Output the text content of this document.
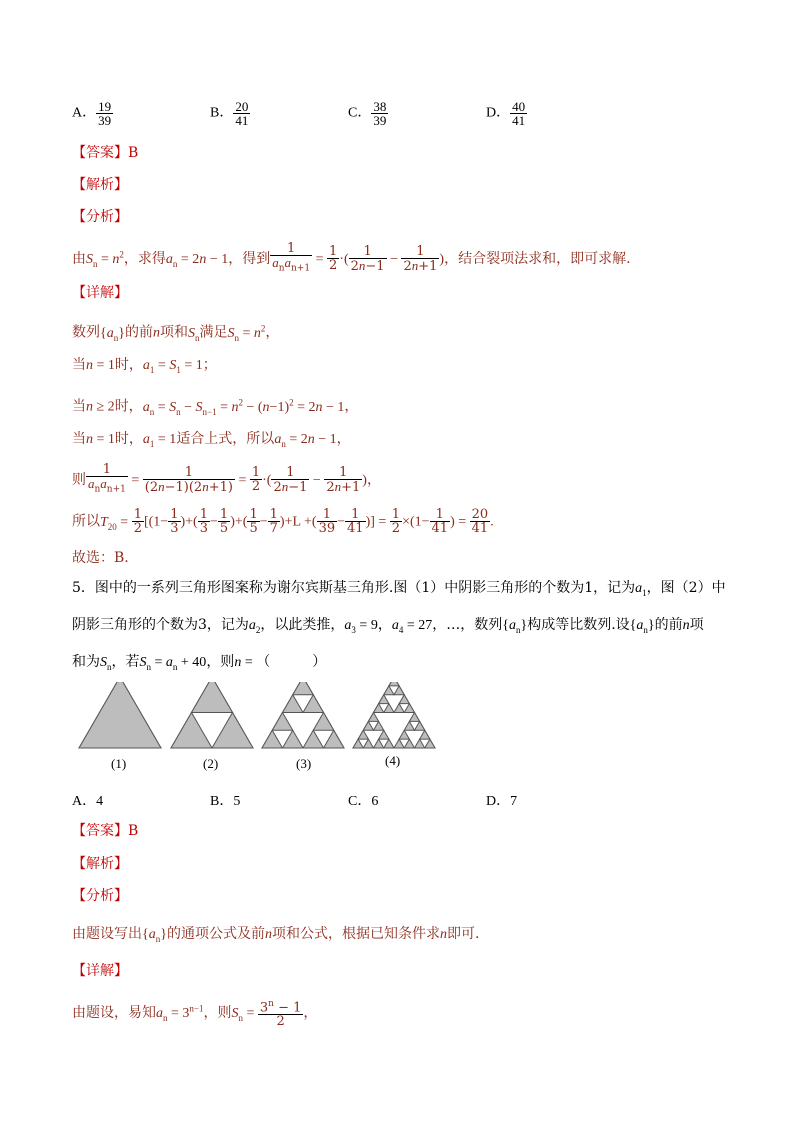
A． $\frac{19}{39}$	B． $\frac{20}{41}$	C． $\frac{38}{39}$	D． $\frac{40}{41}$
【答案】B
【解析】
【分析】
由$S_n = n^2$，求得$a_n = 2n - 1$，得到 $\frac{1}{a_na_{n+1}} = \frac{1}{2}$ ·( $\frac{1}{2n-1} - \frac{1}{2n+1}$ )，结合裂项法求和，即可求解.
【详解】
数列$\{a_n\}$的前n项和$S_n$满足$S_n = n^2$，
当n = 1时，$a_1 = S_1 = 1$；
当n ≥ 2时，$a_n = S_n - S_{n-1} = n^2 - (n-1)^2 = 2n - 1$，
当n = 1时，$a_1 = 1$适合上式，所以$a_n = 2n - 1$，
则 $\frac{1}{a_na_{n+1}} = \frac{1}{(2n-1)(2n+1)} = \frac{1}{2}$ ·( $\frac{1}{2n-1} - \frac{1}{2n+1}$ )，
所以$T_{20} = \frac{1}{2} [(1- \frac{1}{3}$ )+( $\frac{1}{3} - \frac{1}{5}$ )+( $\frac{1}{5} - \frac{1}{7} )+L$ +( $\frac{1}{39} - \frac{1}{41}$ )] = $\frac{1}{2} \times(1- \frac{1}{41}$ ) = $\frac{20}{41}$ .
故选：B.
5．图中的一系列三角形图案称为谢尔宾斯基三角形.图（1）中阴影三角形的个数为1，记为$a_1$，图（2）中
阴影三角形的个数为3，记为$a_2$，以此类推，$a_3 = 9$，$a_4 = 27$，…，数列$\{a_n\}$构成等比数列.设$\{a_n\}$的前n项
和为$S_n$，若$S_n = a_n + 40$，则n = （　　　）
(1)	(2)	(3)	(4)
A．4	B．5	C．6	D．7
【答案】B
【解析】
【分析】
由题设写出$\{a_n\}$的通项公式及前n项和公式，根据已知条件求n即可.
【详解】
由题设，易知$a_n = 3^{n-1}$，则$S_n = \frac{3^n - 1}{2}$ ，
